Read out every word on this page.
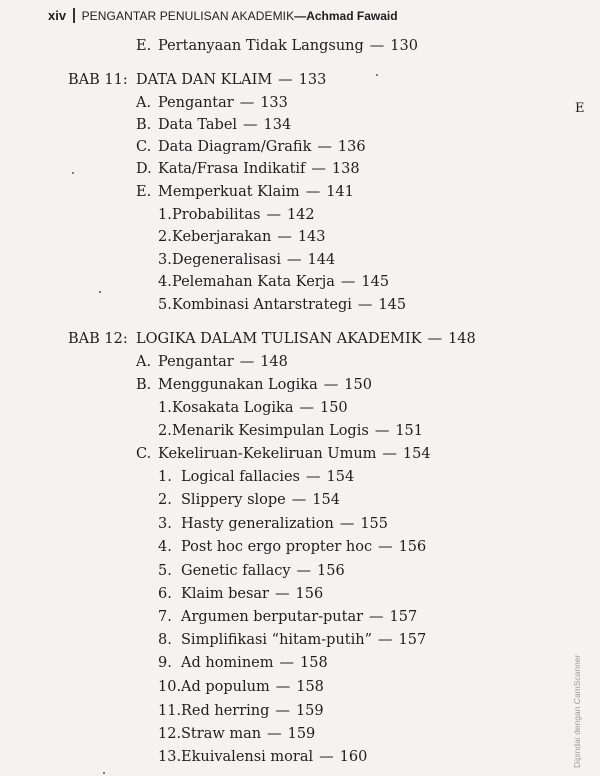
xiv PENGANTAR PENULISAN AKADEMIK —Achmad Fawaid
E. Pertanyaan Tidak Langsung — 130
BAB 11: DATA DAN KLAIM — 133
A. Pengantar — 133
B. Data Tabel — 134
C. Data Diagram/Grafik — 136
D. Kata/Frasa Indikatif — 138
E. Memperkuat Klaim — 141
1.Probabilitas — 142
2.Keberjarakan — 143
3.Degeneralisasi — 144
4.Pelemahan Kata Kerja — 145
5.Kombinasi Antarstrategi — 145
BAB 12: LOGIKA DALAM TULISAN AKADEMIK — 148
A. Pengantar — 148
B. Menggunakan Logika — 150
1.Kosakata Logika — 150
2.Menarik Kesimpulan Logis — 151
C. Kekeliruan-Kekeliruan Umum — 154
1. Logical fallacies — 154
2. Slippery slope — 154
3. Hasty generalization — 155
4. Post hoc ergo propter hoc — 156
5. Genetic fallacy — 156
6. Klaim besar — 156
7. Argumen berputar-putar — 157
8. Simplifikasi “hitam-putih” — 157
9. Ad hominem — 158
10.Ad populum — 158
11.Red herring — 159
12.Straw man — 159
13.Ekuivalensi moral — 160
E
Dipindai dengan CamScanner
